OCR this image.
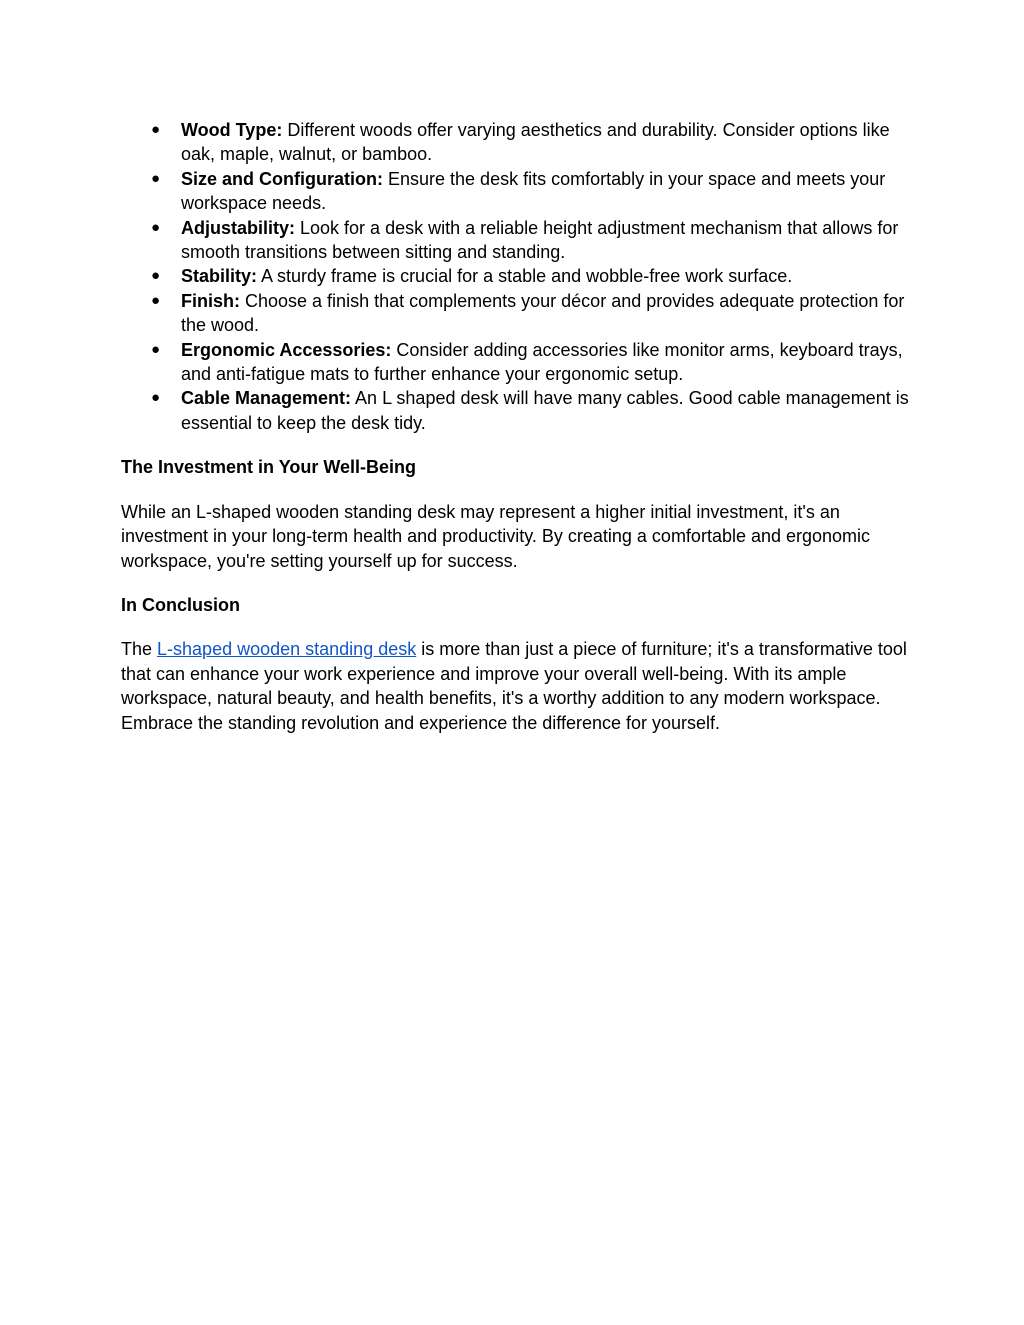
● Wood Type: Different woods offer varying aesthetics and durability. Consider options like oak, maple, walnut, or bamboo.
● Size and Configuration: Ensure the desk fits comfortably in your space and meets your workspace needs.
● Adjustability: Look for a desk with a reliable height adjustment mechanism that allows for smooth transitions between sitting and standing.
● Stability: A sturdy frame is crucial for a stable and wobble-free work surface.
● Finish: Choose a finish that complements your décor and provides adequate protection for the wood.
● Ergonomic Accessories: Consider adding accessories like monitor arms, keyboard trays, and anti-fatigue mats to further enhance your ergonomic setup.
● Cable Management: An L shaped desk will have many cables. Good cable management is essential to keep the desk tidy.
The Investment in Your Well-Being

While an L-shaped wooden standing desk may represent a higher initial investment, it's an investment in your long-term health and productivity. By creating a comfortable and ergonomic workspace, you're setting yourself up for success.

In Conclusion

The L-shaped wooden standing desk is more than just a piece of furniture; it's a transformative tool that can enhance your work experience and improve your overall well-being. With its ample workspace, natural beauty, and health benefits, it's a worthy addition to any modern workspace. Embrace the standing revolution and experience the difference for yourself.
